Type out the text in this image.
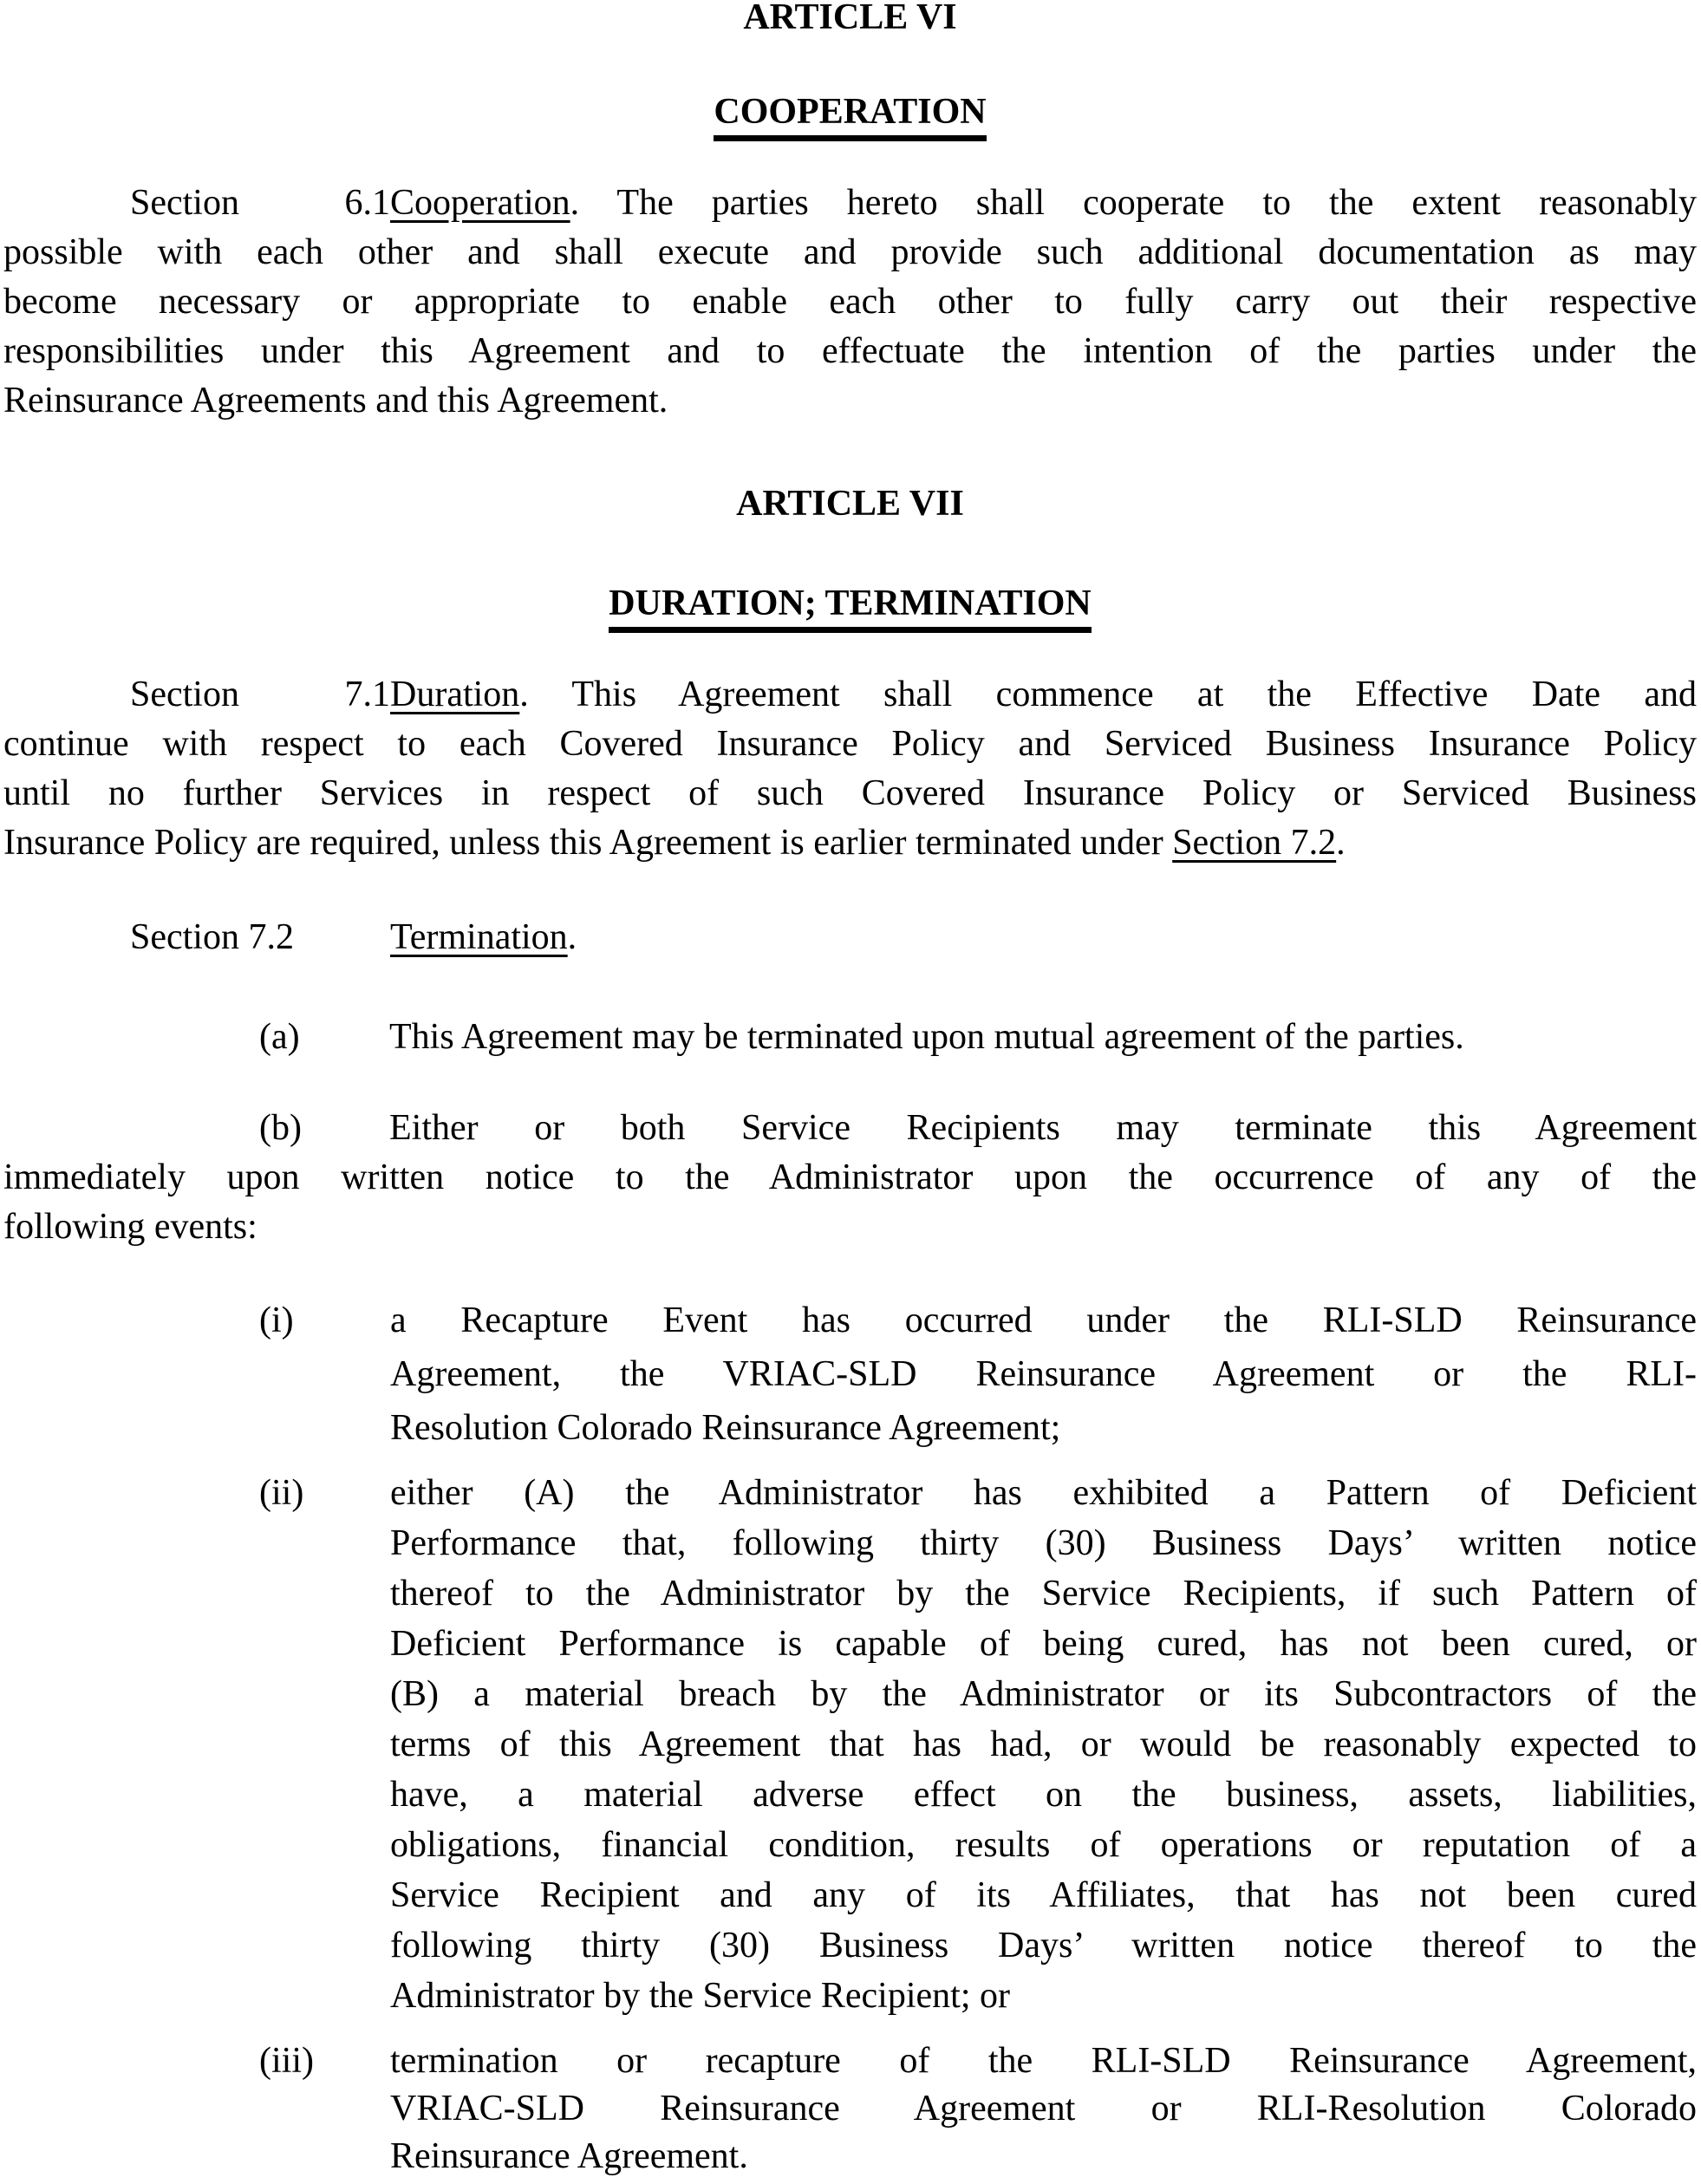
ARTICLE VI
COOPERATION
Section 6.1Cooperation. The parties hereto shall cooperate to the extent reasonably
possible with each other and shall execute and provide such additional documentation as may
become necessary or appropriate to enable each other to fully carry out their respective
responsibilities under this Agreement and to effectuate the intention of the parties under the
Reinsurance Agreements and this Agreement.
ARTICLE VII
DURATION; TERMINATION
Section 7.1Duration. This Agreement shall commence at the Effective Date and
continue with respect to each Covered Insurance Policy and Serviced Business Insurance Policy
until no further Services in respect of such Covered Insurance Policy or Serviced Business
Insurance Policy are required, unless this Agreement is earlier terminated under Section 7.2.
Section 7.2	Termination.
(a) This Agreement may be terminated upon mutual agreement of the parties.
(b) Either or both Service Recipients may terminate this Agreement
immediately upon written notice to the Administrator upon the occurrence of any of the
following events:
(i)	a Recapture Event has occurred under the RLI-SLD Reinsurance
Agreement, the VRIAC-SLD Reinsurance Agreement or the RLI-
Resolution Colorado Reinsurance Agreement;
(ii) either (A) the Administrator has exhibited a Pattern of Deficient
Performance that, following thirty (30) Business Days’ written notice
thereof to the Administrator by the Service Recipients, if such Pattern of
Deficient Performance is capable of being cured, has not been cured, or
(B) a material breach by the Administrator or its Subcontractors of the
terms of this Agreement that has had, or would be reasonably expected to
have, a material adverse effect on the business, assets, liabilities,
obligations, financial condition, results of operations or reputation of a
Service Recipient and any of its Affiliates, that has not been cured
following thirty (30) Business Days’ written notice thereof to the
Administrator by the Service Recipient; or
(iii) termination or recapture of the RLI-SLD Reinsurance Agreement,
VRIAC-SLD Reinsurance Agreement or RLI-Resolution Colorado
Reinsurance Agreement.
